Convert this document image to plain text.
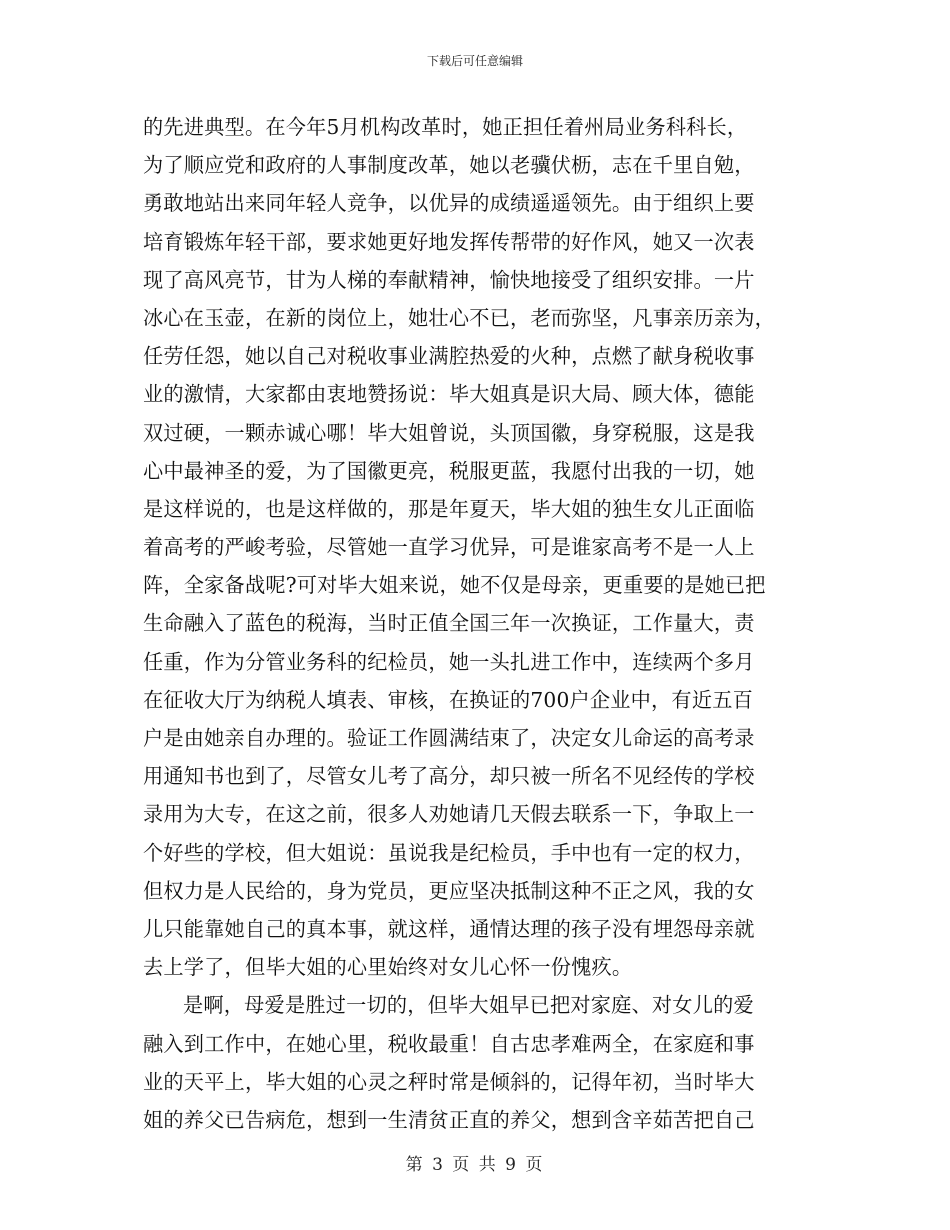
下载后可任意编辑
的先进典型。在今年5月机构改革时，她正担任着州局业务科科长，
为了顺应党和政府的人事制度改革，她以老骥伏枥，志在千里自勉，
勇敢地站出来同年轻人竞争，以优异的成绩遥遥领先。由于组织上要
培育锻炼年轻干部，要求她更好地发挥传帮带的好作风，她又一次表
现了高风亮节，甘为人梯的奉献精神，愉快地接受了组织安排。一片
冰心在玉壶，在新的岗位上，她壮心不已，老而弥坚，凡事亲历亲为，
任劳任怨，她以自己对税收事业满腔热爱的火种，点燃了献身税收事
业的激情，大家都由衷地赞扬说：毕大姐真是识大局、顾大体，德能
双过硬，一颗赤诚心哪！毕大姐曾说，头顶国徽，身穿税服，这是我
心中最神圣的爱，为了国徽更亮，税服更蓝，我愿付出我的一切，她
是这样说的，也是这样做的，那是年夏天，毕大姐的独生女儿正面临
着高考的严峻考验，尽管她一直学习优异，可是谁家高考不是一人上
阵，全家备战呢?可对毕大姐来说，她不仅是母亲，更重要的是她已把
生命融入了蓝色的税海，当时正值全国三年一次换证，工作量大，责
任重，作为分管业务科的纪检员，她一头扎进工作中，连续两个多月
在征收大厅为纳税人填表、审核，在换证的700户企业中，有近五百
户是由她亲自办理的。验证工作圆满结束了，决定女儿命运的高考录
用通知书也到了，尽管女儿考了高分，却只被一所名不见经传的学校
录用为大专，在这之前，很多人劝她请几天假去联系一下，争取上一
个好些的学校，但大姐说：虽说我是纪检员，手中也有一定的权力，
但权力是人民给的，身为党员，更应坚决抵制这种不正之风，我的女
儿只能靠她自己的真本事，就这样，通情达理的孩子没有埋怨母亲就
去上学了，但毕大姐的心里始终对女儿心怀一份愧疚。
是啊，母爱是胜过一切的，但毕大姐早已把对家庭、对女儿的爱
融入到工作中，在她心里，税收最重！自古忠孝难两全，在家庭和事
业的天平上，毕大姐的心灵之秤时常是倾斜的，记得年初，当时毕大
姐的养父已告病危，想到一生清贫正直的养父，想到含辛茹苦把自己
第 3 页 共 9 页
